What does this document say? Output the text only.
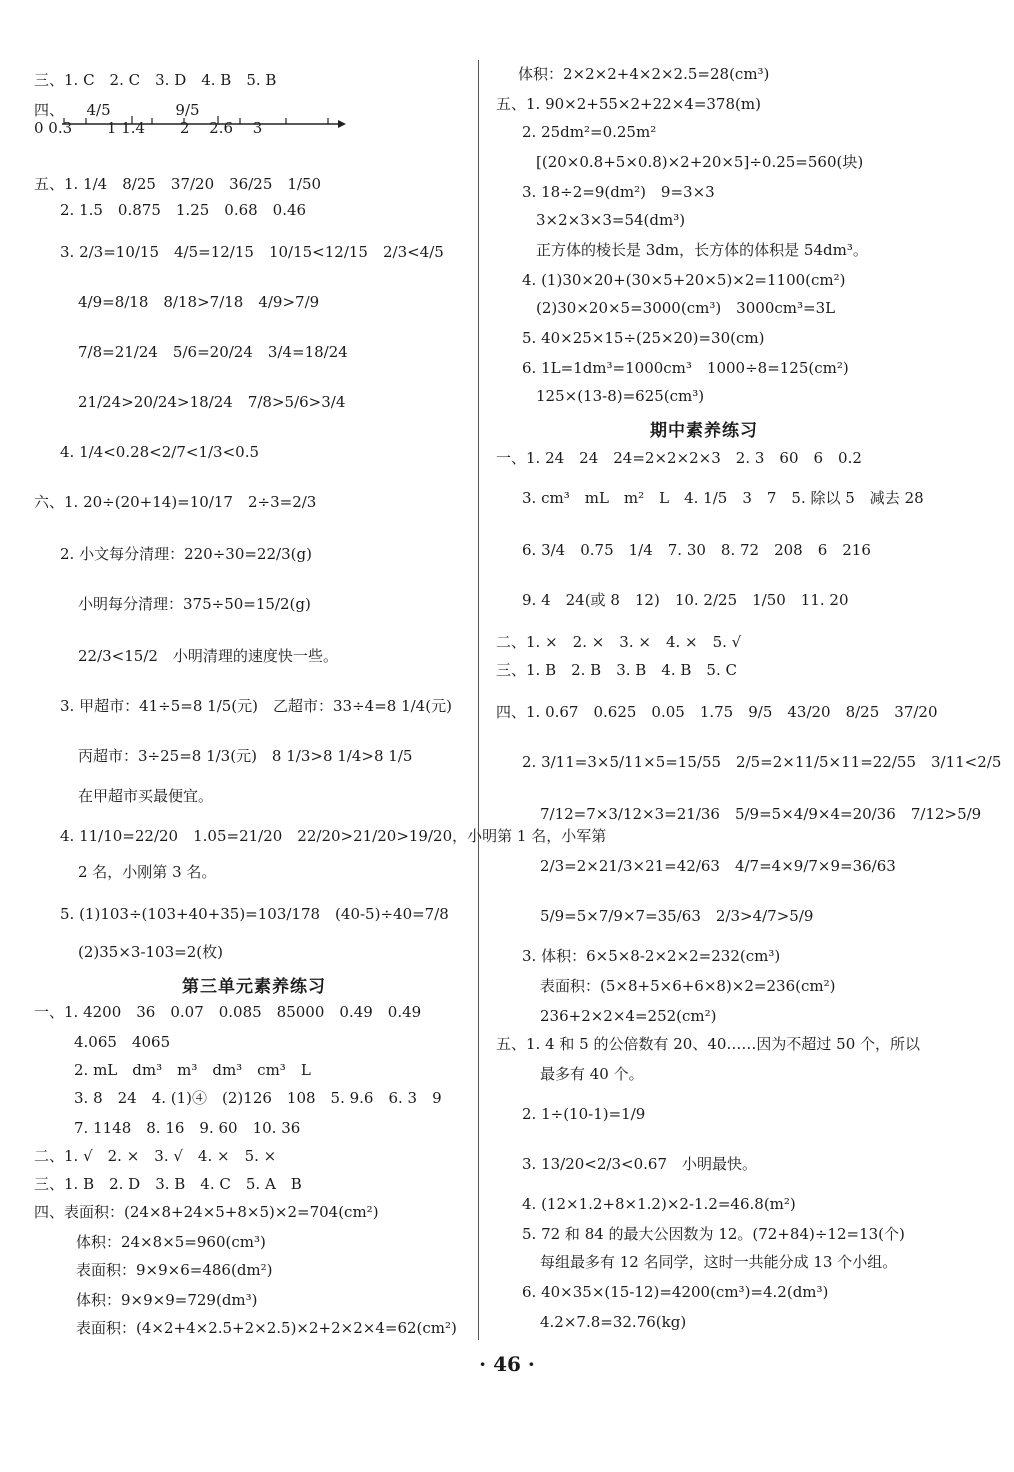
第三单元素养练习
三、1. C　2. C　3. D　4. B　5. B
四、　　4/5 　　　　9/5
0 0.3 　　1 1.4 　　2 　2.6 　3
五、1. 1/4　8/25　37/20　36/25　1/50
2. 1.5　0.875　1.25　0.68　0.46
3. 2/3=10/15　4/5=12/15　10/15<12/15　2/3<4/5
4/9=8/18　8/18>7/18　4/9>7/9
7/8=21/24　5/6=20/24　3/4=18/24
21/24>20/24>18/24　7/8>5/6>3/4
4. 1/4<0.28<2/7<1/3<0.5
六、1. 20÷(20+14)=10/17　2÷3=2/3
2. 小文每分清理：220÷30=22/3(g)
小明每分清理：375÷50=15/2(g)
22/3<15/2　小明清理的速度快一些。
3. 甲超市：41÷5=8 1/5(元)　乙超市：33÷4=8 1/4(元)
丙超市：3÷25=8 1/3(元)　8 1/3>8 1/4>8 1/5
在甲超市买最便宜。
4. 11/10=22/20　1.05=21/20　22/20>21/20>19/20，小明第 1 名，小军第
2 名，小刚第 3 名。
5. (1)103÷(103+40+35)=103/178　(40-5)÷40=7/8
(2)35×3-103=2(枚)
一、1. 4200　36　0.07　0.085　85000　0.49　0.49
4.065　4065
2. mL　dm³　m³　dm³　cm³　L
3. 8　24　4. (1)④　(2)126　108　5. 9.6　6. 3　9
7. 1148　8. 16　9. 60　10. 36
二、1. √　2. ×　3. √　4. ×　5. ×
三、1. B　2. D　3. B　4. C　5. A　B
四、表面积：(24×8+24×5+8×5)×2=704(cm²)
体积：24×8×5=960(cm³)
表面积：9×9×6=486(dm²)
体积：9×9×9=729(dm³)
表面积：(4×2+4×2.5+2×2.5)×2+2×2×4=62(cm²)
期中素养练习
体积：2×2×2+4×2×2.5=28(cm³)
五、1. 90×2+55×2+22×4=378(m)
2. 25dm²=0.25m²
[(20×0.8+5×0.8)×2+20×5]÷0.25=560(块)
3. 18÷2=9(dm²)　9=3×3
3×2×3×3=54(dm³)
正方体的棱长是 3dm，长方体的体积是 54dm³。
4. (1)30×20+(30×5+20×5)×2=1100(cm²)
(2)30×20×5=3000(cm³)　3000cm³=3L
5. 40×25×15÷(25×20)=30(cm)
6. 1L=1dm³=1000cm³　1000÷8=125(cm²)
125×(13-8)=625(cm³)
一、1. 24　24　24=2×2×2×3　2. 3　60　6　0.2
3. cm³　mL　m²　L　4. 1/5　3　7　5. 除以 5　减去 28
6. 3/4　0.75　1/4　7. 30　8. 72　208　6　216
9. 4　24(或 8　12)　10. 2/25　1/50　11. 20
二、1. ×　2. ×　3. ×　4. ×　5. √
三、1. B　2. B　3. B　4. B　5. C
四、1. 0.67　0.625　0.05　1.75　9/5　43/20　8/25　37/20
2. 3/11=3×5/11×5=15/55　2/5=2×11/5×11=22/55　3/11<2/5
7/12=7×3/12×3=21/36　5/9=5×4/9×4=20/36　7/12>5/9
2/3=2×21/3×21=42/63　4/7=4×9/7×9=36/63
5/9=5×7/9×7=35/63　2/3>4/7>5/9
3. 体积：6×5×8-2×2×2=232(cm³)
表面积：(5×8+5×6+6×8)×2=236(cm²)
236+2×2×4=252(cm²)
五、1. 4 和 5 的公倍数有 20、40……因为不超过 50 个，所以
最多有 40 个。
2. 1÷(10-1)=1/9
3. 13/20<2/3<0.67　小明最快。
4. (12×1.2+8×1.2)×2-1.2=46.8(m²)
5. 72 和 84 的最大公因数为 12。(72+84)÷12=13(个)
每组最多有 12 名同学，这时一共能分成 13 个小组。
6. 40×35×(15-12)=4200(cm³)=4.2(dm³)
4.2×7.8=32.76(kg)
· 46 ·
